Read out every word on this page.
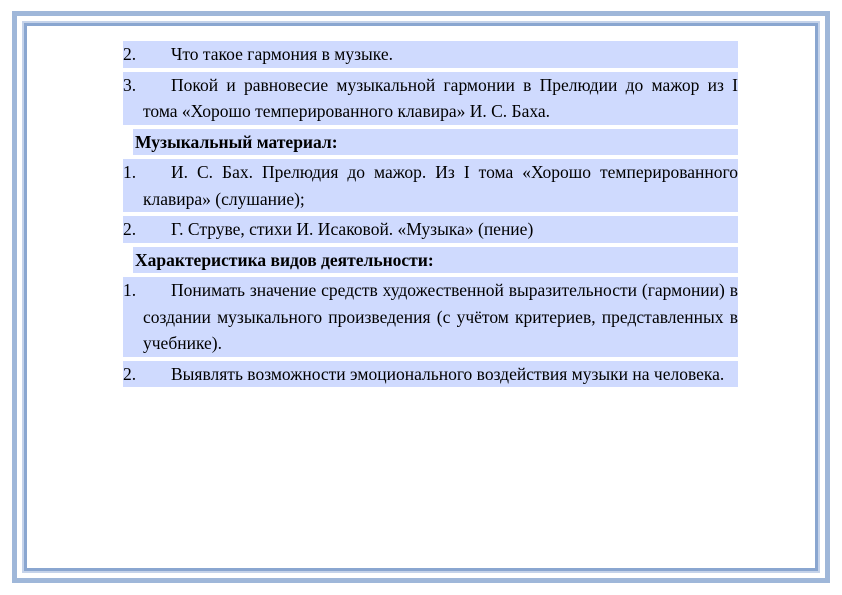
2.	Что такое гармония в музыке.
3.	Покой и равновесие музыкальной гармонии в Прелюдии до мажор из I тома «Хорошо темперированного клавира» И. С. Баха.
Музыкальный материал:
1.	И. С. Бах. Прелюдия до мажор. Из I тома «Хорошо темперированного клавира» (слушание);
2.	Г. Струве, стихи И. Исаковой. «Музыка» (пение)
Характеристика видов деятельности:
1.	Понимать значение средств художественной выразительности (гармонии) в создании музыкального произведения (с учётом критериев, представленных в учебнике).
2.	Выявлять возможности эмоционального воздействия музыки на человека.
